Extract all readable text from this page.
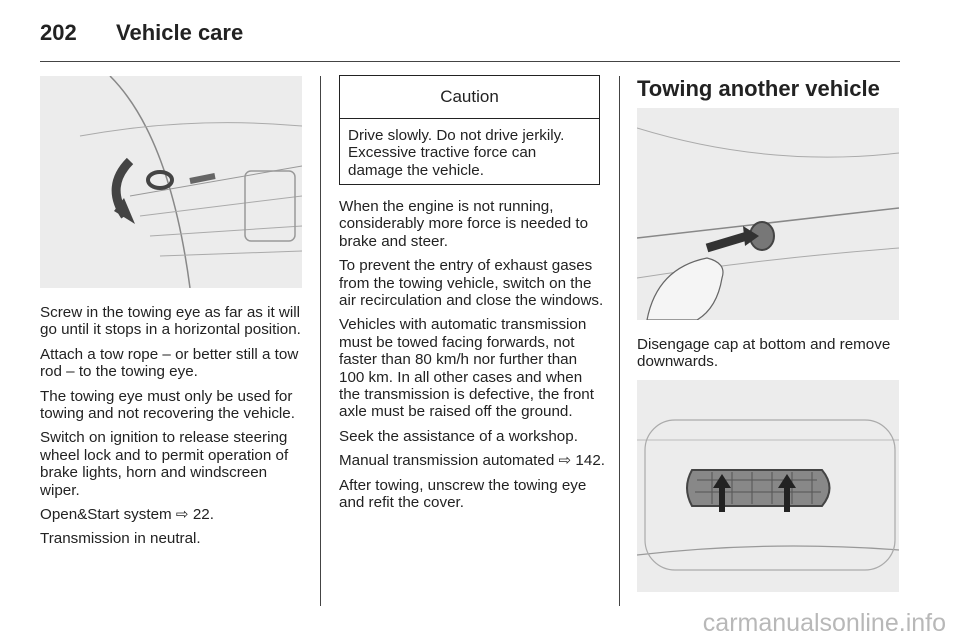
202 Vehicle care

Screw in the towing eye as far as it will go until it stops in a horizontal position.

Attach a tow rope – or better still a tow rod – to the towing eye.

The towing eye must only be used for towing and not recovering the vehicle.

Switch on ignition to release steering wheel lock and to permit operation of brake lights, horn and windscreen wiper.

Open&Start system ⇨ 22.

Transmission in neutral.

Caution
Drive slowly. Do not drive jerkily. Excessive tractive force can damage the vehicle.

When the engine is not running, considerably more force is needed to brake and steer.

To prevent the entry of exhaust gases from the towing vehicle, switch on the air recirculation and close the windows.

Vehicles with automatic transmission must be towed facing forwards, not faster than 80 km/h nor further than 100 km. In all other cases and when the transmission is defective, the front axle must be raised off the ground.

Seek the assistance of a workshop.

Manual transmission automated ⇨ 142.

After towing, unscrew the towing eye and refit the cover.

Towing another vehicle

Disengage cap at bottom and remove downwards.

carmanualsonline.info
